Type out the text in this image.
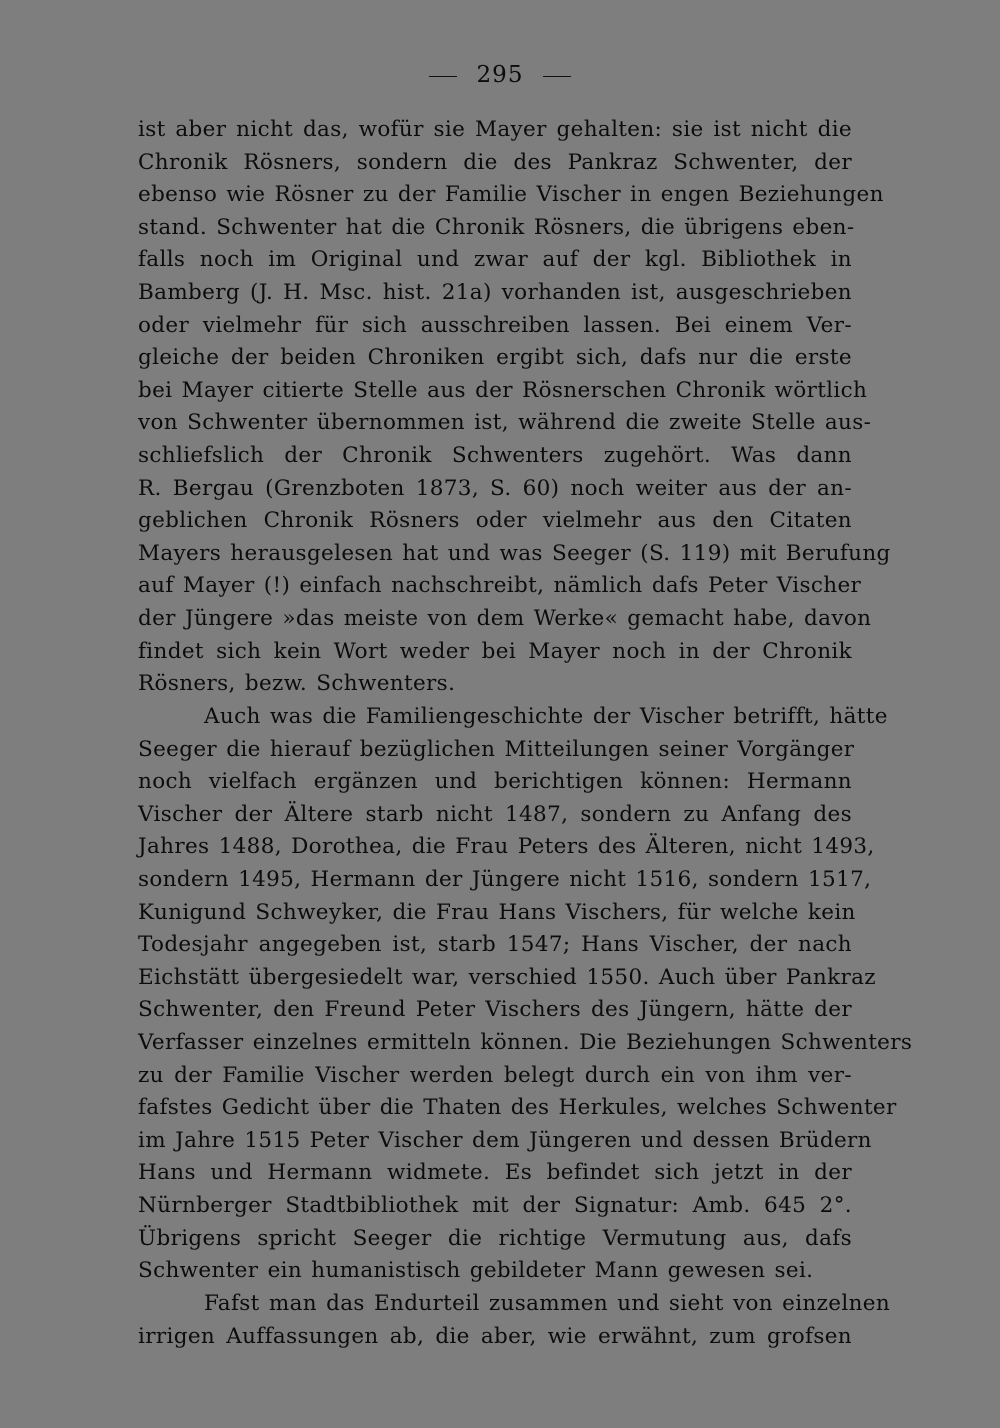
295
ist aber nicht das, wofür sie Mayer gehalten: sie ist nicht die
Chronik Rösners, sondern die des Pankraz Schwenter, der
ebenso wie Rösner zu der Familie Vischer in engen Beziehungen
stand. Schwenter hat die Chronik Rösners, die übrigens eben-
falls noch im Original und zwar auf der kgl. Bibliothek in
Bamberg (J. H. Msc. hist. 21a) vorhanden ist, ausgeschrieben
oder vielmehr für sich ausschreiben lassen. Bei einem Ver-
gleiche der beiden Chroniken ergibt sich, dafs nur die erste
bei Mayer citierte Stelle aus der Rösnerschen Chronik wörtlich
von Schwenter übernommen ist, während die zweite Stelle aus-
schliefslich der Chronik Schwenters zugehört. Was dann
R. Bergau (Grenzboten 1873, S. 60) noch weiter aus der an-
geblichen Chronik Rösners oder vielmehr aus den Citaten
Mayers herausgelesen hat und was Seeger (S. 119) mit Berufung
auf Mayer (!) einfach nachschreibt, nämlich dafs Peter Vischer
der Jüngere »das meiste von dem Werke« gemacht habe, davon
findet sich kein Wort weder bei Mayer noch in der Chronik
Rösners, bezw. Schwenters.
Auch was die Familiengeschichte der Vischer betrifft, hätte
Seeger die hierauf bezüglichen Mitteilungen seiner Vorgänger
noch vielfach ergänzen und berichtigen können: Hermann
Vischer der Ältere starb nicht 1487, sondern zu Anfang des
Jahres 1488, Dorothea, die Frau Peters des Älteren, nicht 1493,
sondern 1495, Hermann der Jüngere nicht 1516, sondern 1517,
Kunigund Schweyker, die Frau Hans Vischers, für welche kein
Todesjahr angegeben ist, starb 1547; Hans Vischer, der nach
Eichstätt übergesiedelt war, verschied 1550. Auch über Pankraz
Schwenter, den Freund Peter Vischers des Jüngern, hätte der
Verfasser einzelnes ermitteln können. Die Beziehungen Schwenters
zu der Familie Vischer werden belegt durch ein von ihm ver-
fafstes Gedicht über die Thaten des Herkules, welches Schwenter
im Jahre 1515 Peter Vischer dem Jüngeren und dessen Brüdern
Hans und Hermann widmete. Es befindet sich jetzt in der
Nürnberger Stadtbibliothek mit der Signatur: Amb. 645 2°.
Übrigens spricht Seeger die richtige Vermutung aus, dafs
Schwenter ein humanistisch gebildeter Mann gewesen sei.
Fafst man das Endurteil zusammen und sieht von einzelnen
irrigen Auffassungen ab, die aber, wie erwähnt, zum grofsen
